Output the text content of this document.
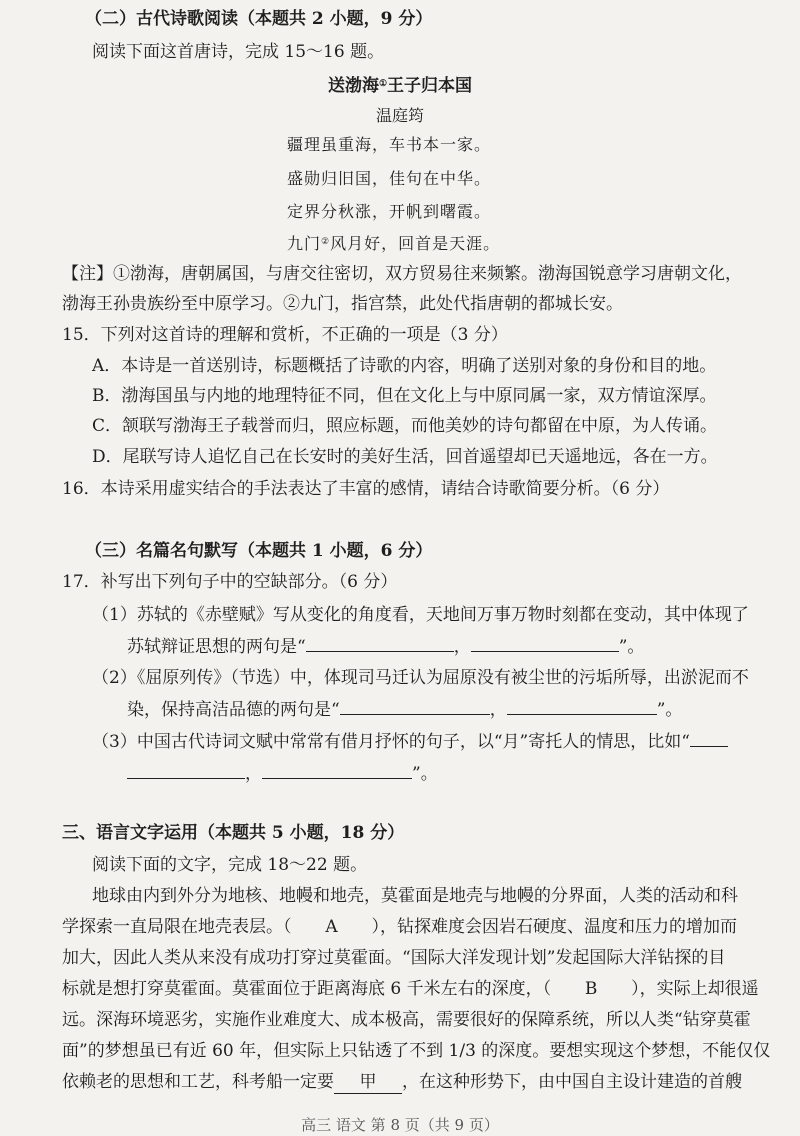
（二）古代诗歌阅读（本题共 2 小题，9 分）
阅读下面这首唐诗，完成 15～16 题。
送渤海①王子归本国
温庭筠
疆理虽重海，车书本一家。
盛勋归旧国，佳句在中华。
定界分秋涨，开帆到曙霞。
九门②风月好，回首是天涯。
【注】①渤海，唐朝属国，与唐交往密切，双方贸易往来频繁。渤海国锐意学习唐朝文化，
渤海王孙贵族纷至中原学习。②九门，指宫禁，此处代指唐朝的都城长安。
15．下列对这首诗的理解和赏析，不正确的一项是（3 分）
A．本诗是一首送别诗，标题概括了诗歌的内容，明确了送别对象的身份和目的地。
B．渤海国虽与内地的地理特征不同，但在文化上与中原同属一家，双方情谊深厚。
C．颔联写渤海王子载誉而归，照应标题，而他美妙的诗句都留在中原，为人传诵。
D．尾联写诗人追忆自己在长安时的美好生活，回首遥望却已天遥地远，各在一方。
16．本诗采用虚实结合的手法表达了丰富的感情，请结合诗歌简要分析。（6 分）
（三）名篇名句默写（本题共 1 小题，6 分）
17．补写出下列句子中的空缺部分。（6 分）
（1）苏轼的《赤壁赋》写从变化的角度看，天地间万事万物时刻都在变动，其中体现了
苏轼辩证思想的两句是“	，	”。
（2）《屈原列传》（节选）中，体现司马迁认为屈原没有被尘世的污垢所辱，出淤泥而不
染，保持高洁品德的两句是“	，	”。
（3）中国古代诗词文赋中常常有借月抒怀的句子，以“月”寄托人的情思，比如“
，	”。
三、语言文字运用（本题共 5 小题，18 分）
阅读下面的文字，完成 18～22 题。
地球由内到外分为地核、地幔和地壳，莫霍面是地壳与地幔的分界面，人类的活动和科
学探索一直局限在地壳表层。（ A ），钻探难度会因岩石硬度、温度和压力的增加而
加大，因此人类从来没有成功打穿过莫霍面。“国际大洋发现计划”发起国际大洋钻探的目
标就是想打穿莫霍面。莫霍面位于距离海底 6 千米左右的深度，（ B ），实际上却很遥
远。深海环境恶劣，实施作业难度大、成本极高，需要很好的保障系统，所以人类“钻穿莫霍
面”的梦想虽已有近 60 年，但实际上只钻透了不到 1/3 的深度。要想实现这个梦想，不能仅仅
依赖老的思想和工艺，科考船一定要 甲 ，在这种形势下，由中国自主设计建造的首艘
高三 语文 第 8 页（共 9 页）
